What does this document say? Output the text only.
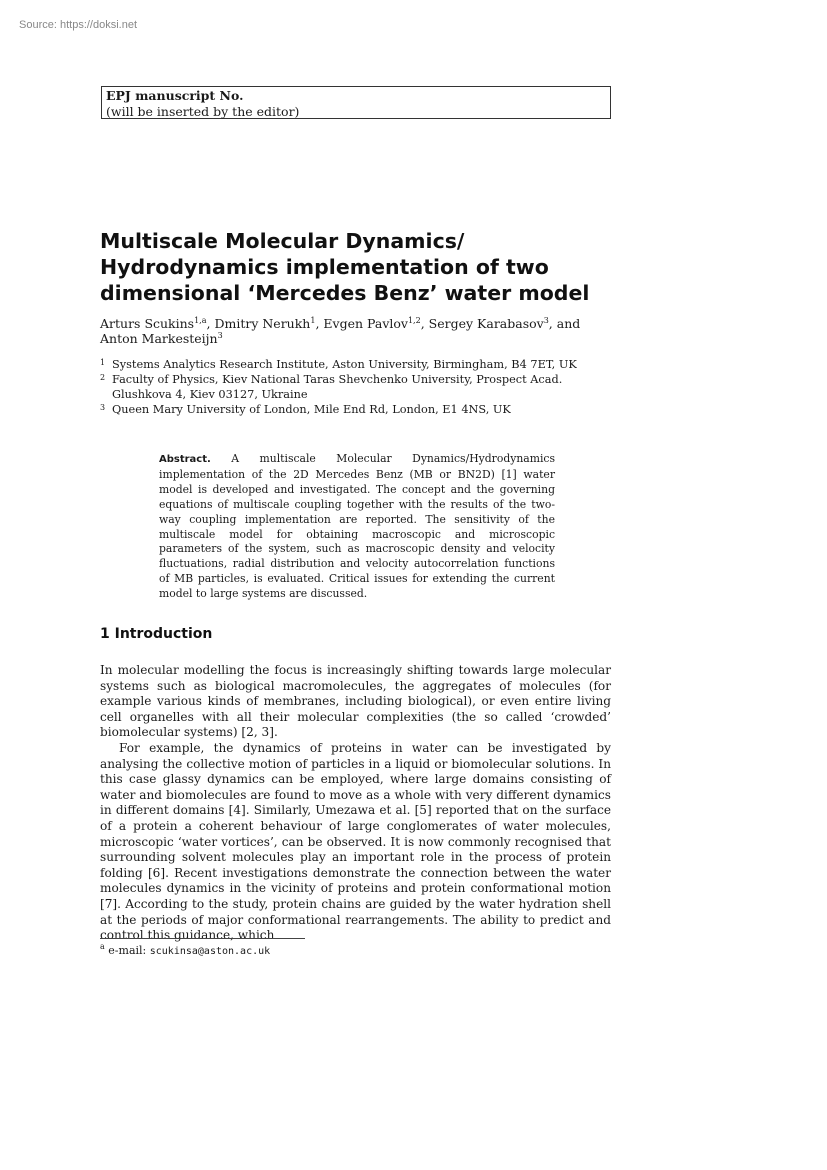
Source: https://doksi.net
EPJ manuscript No.
(will be inserted by the editor)
Multiscale Molecular Dynamics/
Hydrodynamics implementation of two
dimensional ‘Mercedes Benz’ water model
Arturs Scukins$^{1,a}$, Dmitry Nerukh$^1$, Evgen Pavlov$^{1,2}$, Sergey Karabasov$^3$, and Anton Markesteijn$^3$
1 Systems Analytics Research Institute, Aston University, Birmingham, B4 7ET, UK
2 Faculty of Physics, Kiev National Taras Shevchenko University, Prospect Acad. Glushkova 4, Kiev 03127, Ukraine
3 Queen Mary University of London, Mile End Rd, London, E1 4NS, UK
Abstract. A multiscale Molecular Dynamics/Hydrodynamics implementation of the 2D Mercedes Benz (MB or BN2D) [1] water model is developed and investigated. The concept and the governing equations of multiscale coupling together with the results of the two-way coupling implementation are reported. The sensitivity of the multiscale model for obtaining macroscopic and microscopic parameters of the system, such as macroscopic density and velocity fluctuations, radial distribution and velocity autocorrelation functions of MB particles, is evaluated. Critical issues for extending the current model to large systems are discussed.
1 Introduction

In molecular modelling the focus is increasingly shifting towards large molecular systems such as biological macromolecules, the aggregates of molecules (for example various kinds of membranes, including biological), or even entire living cell organelles with all their molecular complexities (the so called ‘crowded’ biomolecular systems) [2, 3].

For example, the dynamics of proteins in water can be investigated by analysing the collective motion of particles in a liquid or biomolecular solutions. In this case glassy dynamics can be employed, where large domains consisting of water and biomolecules are found to move as a whole with very different dynamics in different domains [4]. Similarly, Umezawa et al. [5] reported that on the surface of a protein a coherent behaviour of large conglomerates of water molecules, microscopic ‘water vortices’, can be observed. It is now commonly recognised that surrounding solvent molecules play an important role in the process of protein folding [6]. Recent investigations demonstrate the connection between the water molecules dynamics in the vicinity of proteins and protein conformational motion [7]. According to the study, protein chains are guided by the water hydration shell at the periods of major conformational rearrangements. The ability to predict and control this guidance, which

$^a$ e-mail: scukinsa@aston.ac.uk
